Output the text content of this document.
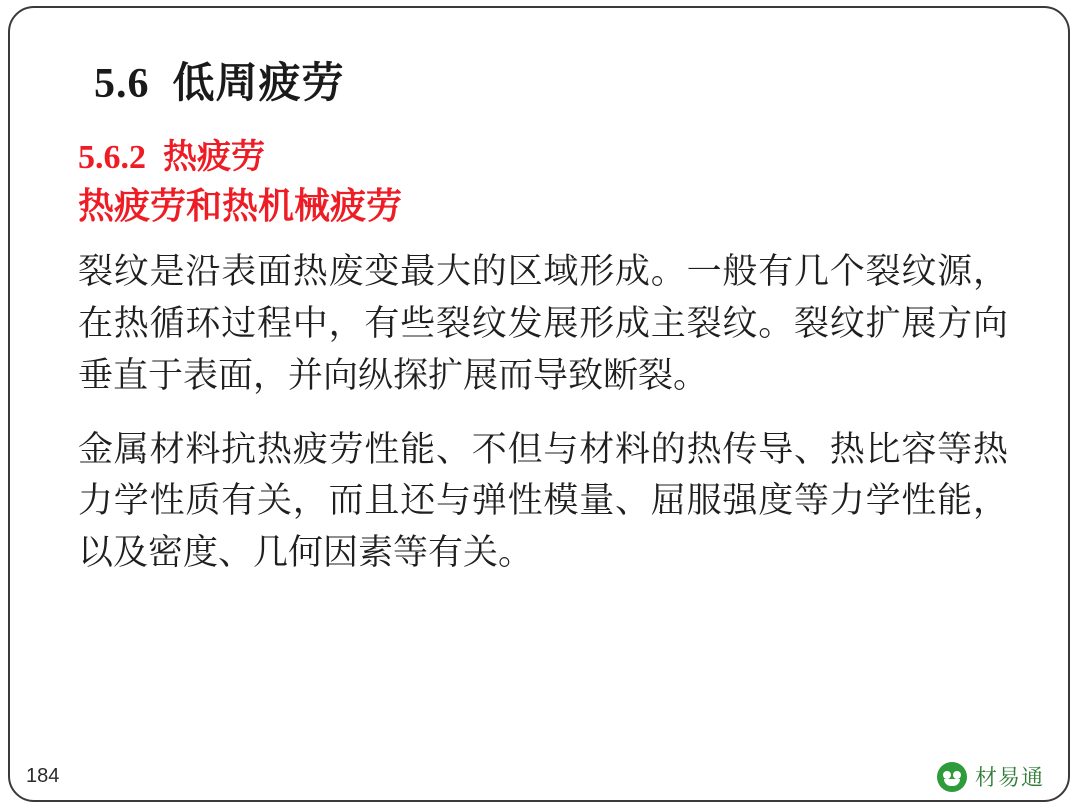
5.6  低周疲劳
5.6.2  热疲劳
热疲劳和热机械疲劳

裂纹是沿表面热废变最大的区域形成。一般有几个裂纹源，在热循环过程中，有些裂纹发展形成主裂纹。裂纹扩展方向垂直于表面，并向纵探扩展而导致断裂。

金属材料抗热疲劳性能、不但与材料的热传导、热比容等热力学性质有关，而且还与弹性模量、屈服强度等力学性能，以及密度、几何因素等有关。

184	材易通
